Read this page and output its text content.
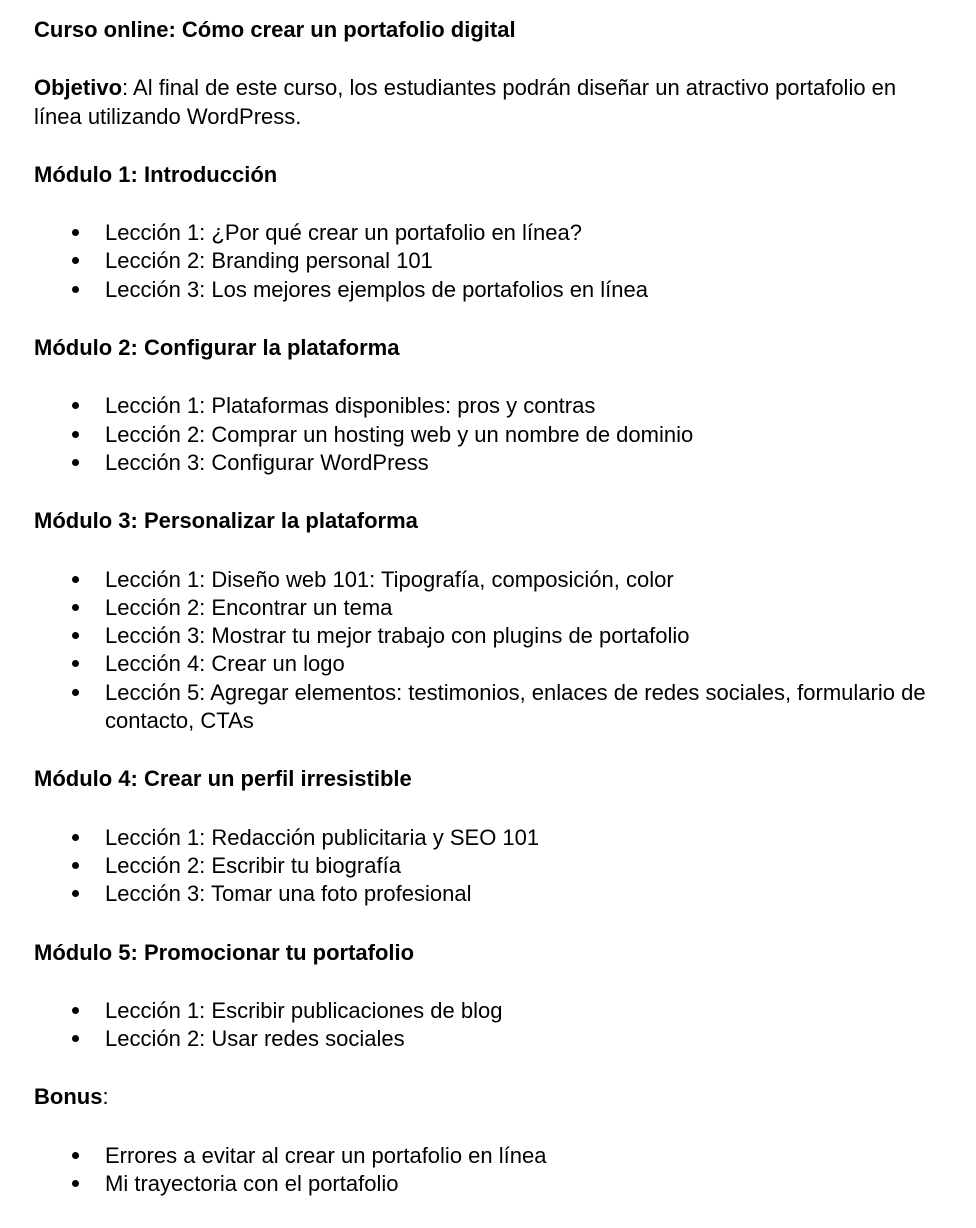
Curso online: Cómo crear un portafolio digital

Objetivo: Al final de este curso, los estudiantes podrán diseñar un atractivo portafolio en línea utilizando WordPress.

Módulo 1: Introducción

Lección 1: ¿Por qué crear un portafolio en línea?
Lección 2: Branding personal 101
Lección 3: Los mejores ejemplos de portafolios en línea

Módulo 2: Configurar la plataforma

Lección 1: Plataformas disponibles: pros y contras
Lección 2: Comprar un hosting web y un nombre de dominio
Lección 3: Configurar WordPress

Módulo 3: Personalizar la plataforma

Lección 1: Diseño web 101: Tipografía, composición, color
Lección 2: Encontrar un tema
Lección 3: Mostrar tu mejor trabajo con plugins de portafolio
Lección 4: Crear un logo
Lección 5: Agregar elementos: testimonios, enlaces de redes sociales, formulario de contacto, CTAs

Módulo 4: Crear un perfil irresistible

Lección 1: Redacción publicitaria y SEO 101
Lección 2: Escribir tu biografía
Lección 3: Tomar una foto profesional

Módulo 5: Promocionar tu portafolio

Lección 1: Escribir publicaciones de blog
Lección 2: Usar redes sociales

Bonus:

Errores a evitar al crear un portafolio en línea
Mi trayectoria con el portafolio
